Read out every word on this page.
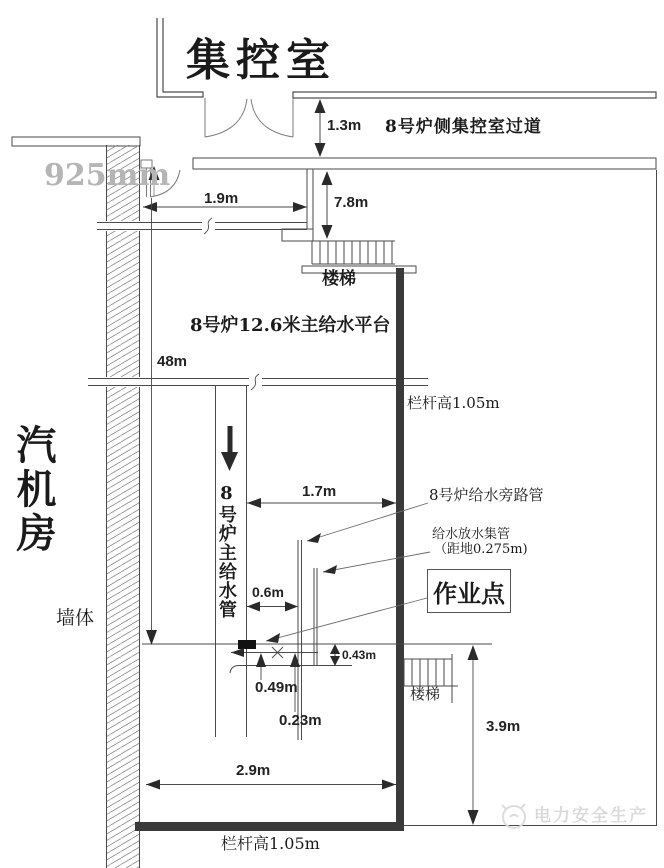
集控室
8号炉侧集控室过道
1.3m
925mm
1.9m	7.8m
楼梯
8号炉12.6米主给水平台
48m
栏杆高1.05m
汽机房	8号炉主给水管	1.7m	8号炉给水旁路管
给水放水集管
（距地0.275m)
作业点
0.6m
墙体
0.43m
0.49m	楼梯
0.23m	3.9m
2.9m
栏杆高1.05m
电力安全生产
